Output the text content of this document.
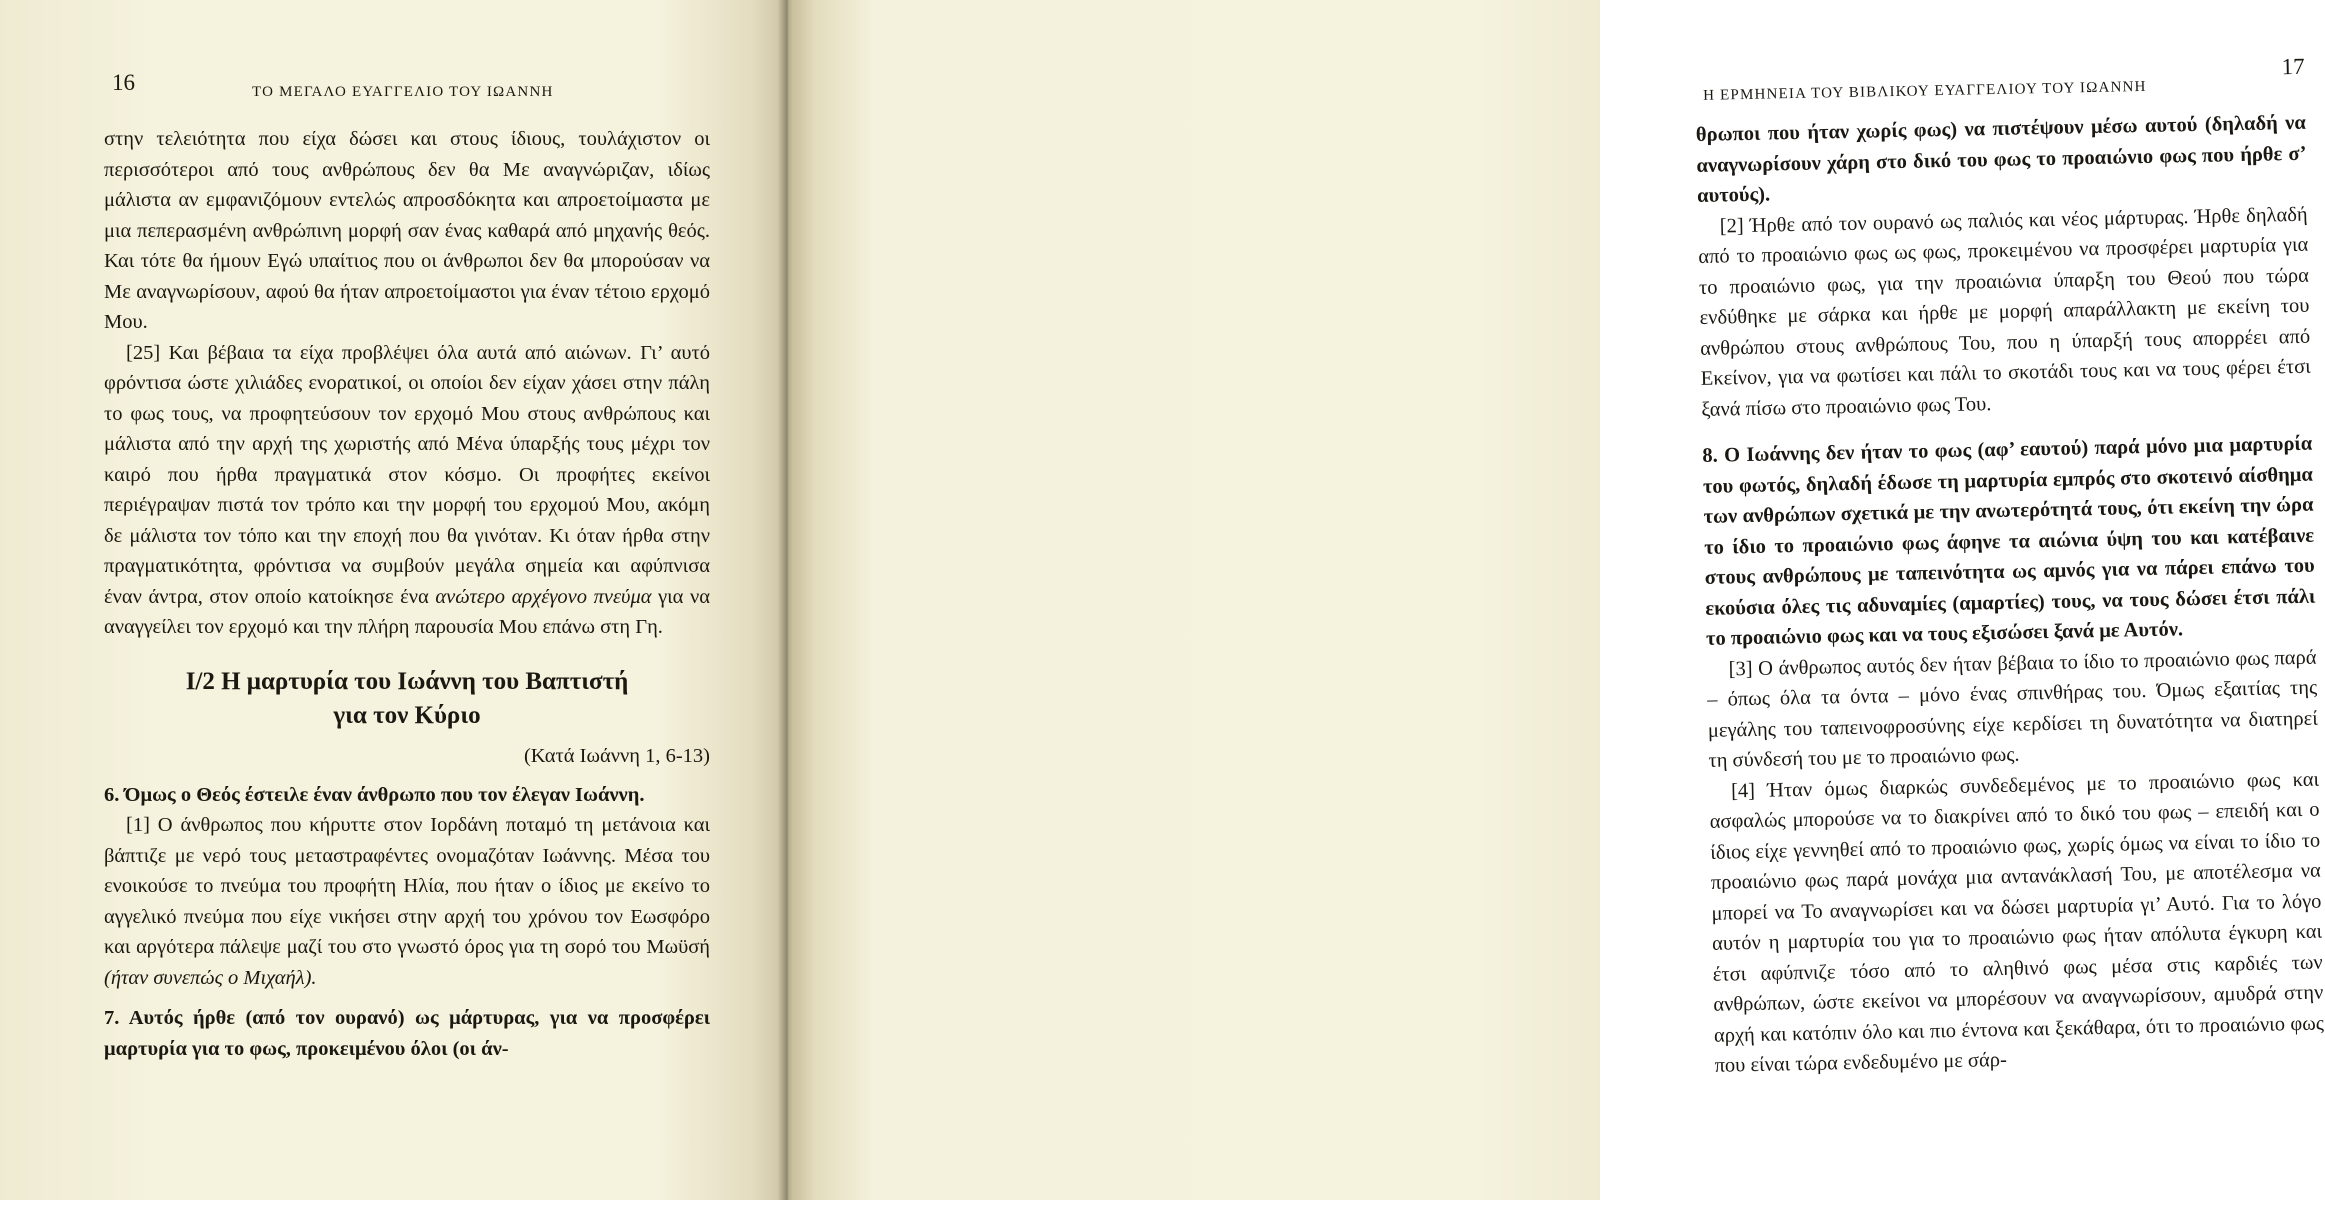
16	ΤΟ ΜΕΓΑΛΟ ΕΥΑΓΓΕΛΙΟ ΤΟΥ ΙΩΑΝΝΗ

στην τελειότητα που είχα δώσει και στους ίδιους, τουλάχιστον οι περισσότεροι από τους ανθρώπους δεν θα Με αναγνώριζαν, ιδίως μάλιστα αν εμφανιζόμουν εντελώς απροσδόκητα και απροετοίμαστα με μια πεπερασμένη ανθρώπινη μορφή σαν ένας καθαρά από μηχανής θεός. Και τότε θα ήμουν Εγώ υπαίτιος που οι άνθρωποι δεν θα μπορούσαν να Με αναγνωρίσουν, αφού θα ήταν απροετοίμαστοι για έναν τέτοιο ερχομό Μου.

[25] Και βέβαια τα είχα προβλέψει όλα αυτά από αιώνων. Γι’ αυτό φρόντισα ώστε χιλιάδες ενορατικοί, οι οποίοι δεν είχαν χάσει στην πάλη το φως τους, να προφητεύσουν τον ερχομό Μου στους ανθρώπους και μάλιστα από την αρχή της χωριστής από Μένα ύπαρξής τους μέχρι τον καιρό που ήρθα πραγματικά στον κόσμο. Οι προφήτες εκείνοι περιέγραψαν πιστά τον τρόπο και την μορφή του ερχομού Μου, ακόμη δε μάλιστα τον τόπο και την εποχή που θα γινόταν. Κι όταν ήρθα στην πραγματικότητα, φρόντισα να συμβούν μεγάλα σημεία και αφύπνισα έναν άντρα, στον οποίο κατοίκησε ένα ανώτερο αρχέγονο πνεύμα για να αναγγείλει τον ερχομό και την πλήρη παρουσία Μου επάνω στη Γη.

Ι/2 Η μαρτυρία του Ιωάννη του Βαπτιστή
για τον Κύριο
(Κατά Ιωάννη 1, 6-13)

6. Όμως ο Θεός έστειλε έναν άνθρωπο που τον έλεγαν Ιωάννη.

[1] Ο άνθρωπος που κήρυττε στον Ιορδάνη ποταμό τη μετάνοια και βάπτιζε με νερό τους μεταστραφέντες ονομαζόταν Ιωάννης. Μέσα του ενοικούσε το πνεύμα του προφήτη Ηλία, που ήταν ο ίδιος με εκείνο το αγγελικό πνεύμα που είχε νικήσει στην αρχή του χρόνου τον Εωσφόρο και αργότερα πάλεψε μαζί του στο γνωστό όρος για τη σορό του Μωϋσή (ήταν συνεπώς ο Μιχαήλ).

7. Αυτός ήρθε (από τον ουρανό) ως μάρτυρας, για να προσφέρει μαρτυρία για το φως, προκειμένου όλοι (οι άν-

Η ΕΡΜΗΝΕΙΑ ΤΟΥ ΒΙΒΛΙΚΟΥ ΕΥΑΓΓΕΛΙΟΥ ΤΟΥ ΙΩΑΝΝΗ
17

θρωποι που ήταν χωρίς φως) να πιστέψουν μέσω αυτού (δηλαδή να αναγνωρίσουν χάρη στο δικό του φως το προαιώνιο φως που ήρθε σ’ αυτούς).

[2] Ήρθε από τον ουρανό ως παλιός και νέος μάρτυρας. Ήρθε δηλαδή από το προαιώνιο φως ως φως, προκειμένου να προσφέρει μαρτυρία για το προαιώνιο φως, για την προαιώνια ύπαρξη του Θεού που τώρα ενδύθηκε με σάρκα και ήρθε με μορφή απαράλλακτη με εκείνη του ανθρώπου στους ανθρώπους Του, που η ύπαρξή τους απορρέει από Εκείνον, για να φωτίσει και πάλι το σκοτάδι τους και να τους φέρει έτσι ξανά πίσω στο προαιώνιο φως Του.

8. Ο Ιωάννης δεν ήταν το φως (αφ’ εαυτού) παρά μόνο μια μαρτυρία του φωτός, δηλαδή έδωσε τη μαρτυρία εμπρός στο σκοτεινό αίσθημα των ανθρώπων σχετικά με την ανωτερότητά τους, ότι εκείνη την ώρα το ίδιο το προαιώνιο φως άφηνε τα αιώνια ύψη του και κατέβαινε στους ανθρώπους με ταπεινότητα ως αμνός για να πάρει επάνω του εκούσια όλες τις αδυναμίες (αμαρτίες) τους, να τους δώσει έτσι πάλι το προαιώνιο φως και να τους εξισώσει ξανά με Αυτόν.

[3] Ο άνθρωπος αυτός δεν ήταν βέβαια το ίδιο το προαιώνιο φως παρά – όπως όλα τα όντα – μόνο ένας σπινθήρας του. Όμως εξαιτίας της μεγάλης του ταπεινοφροσύνης είχε κερδίσει τη δυνατότητα να διατηρεί τη σύνδεσή του με το προαιώνιο φως.

[4] Ήταν όμως διαρκώς συνδεδεμένος με το προαιώνιο φως και ασφαλώς μπορούσε να το διακρίνει από το δικό του φως – επειδή και ο ίδιος είχε γεννηθεί από το προαιώνιο φως, χωρίς όμως να είναι το ίδιο το προαιώνιο φως παρά μονάχα μια αντανάκλασή Του, με αποτέλεσμα να μπορεί να Το αναγνωρίσει και να δώσει μαρτυρία γι’ Αυτό. Για το λόγο αυτόν η μαρτυρία του για το προαιώνιο φως ήταν απόλυτα έγκυρη και έτσι αφύπνιζε τόσο από το αληθινό φως μέσα στις καρδιές των ανθρώπων, ώστε εκείνοι να μπορέσουν να αναγνωρίσουν, αμυδρά στην αρχή και κατόπιν όλο και πιο έντονα και ξεκάθαρα, ότι το προαιώνιο φως που είναι τώρα ενδεδυμένο με σάρ-
